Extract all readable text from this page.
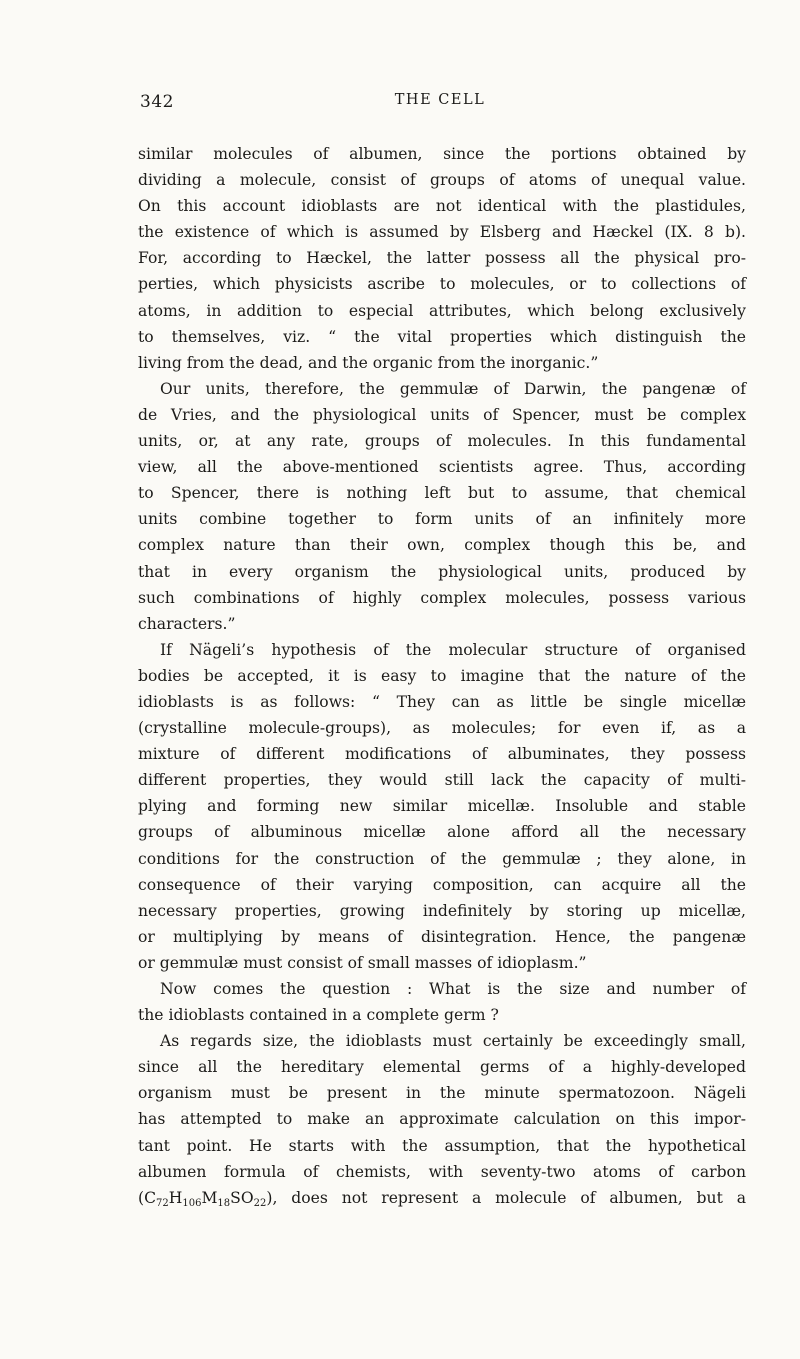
342	THE CELL
similar molecules of albumen, since the portions obtained by
dividing a molecule, consist of groups of atoms of unequal value.
On this account idioblasts are not identical with the plastidules,
the existence of which is assumed by Elsberg and Hæckel (IX. 8 b).
For, according to Hæckel, the latter possess all the physical pro-
perties, which physicists ascribe to molecules, or to collections of
atoms, in addition to especial attributes, which belong exclusively
to themselves, viz. “ the vital properties which distinguish the
living from the dead, and the organic from the inorganic.”
Our units, therefore, the gemmulæ of Darwin, the pangenæ of
de Vries, and the physiological units of Spencer, must be complex
units, or, at any rate, groups of molecules. In this fundamental
view, all the above-mentioned scientists agree. Thus, according
to Spencer, there is nothing left but to assume, that chemical
units combine together to form units of an infinitely more
complex nature than their own, complex though this be, and
that in every organism the physiological units, produced by
such combinations of highly complex molecules, possess various
characters.”
If Nägeli’s hypothesis of the molecular structure of organised
bodies be accepted, it is easy to imagine that the nature of the
idioblasts is as follows: “ They can as little be single micellæ
(crystalline molecule-groups), as molecules; for even if, as a
mixture of different modifications of albuminates, they possess
different properties, they would still lack the capacity of multi-
plying and forming new similar micellæ. Insoluble and stable
groups of albuminous micellæ alone afford all the necessary
conditions for the construction of the gemmulæ ; they alone, in
consequence of their varying composition, can acquire all the
necessary properties, growing indefinitely by storing up micellæ,
or multiplying by means of disintegration. Hence, the pangenæ
or gemmulæ must consist of small masses of idioplasm.”
Now comes the question : What is the size and number of
the idioblasts contained in a complete germ ?
As regards size, the idioblasts must certainly be exceedingly small,
since all the hereditary elemental germs of a highly-developed
organism must be present in the minute spermatozoon. Nägeli
has attempted to make an approximate calculation on this impor-
tant point. He starts with the assumption, that the hypothetical
albumen formula of chemists, with seventy-two atoms of carbon
$(C_{72}H_{106}M_{18}SO_{22})$, does not represent a molecule of albumen, but a
